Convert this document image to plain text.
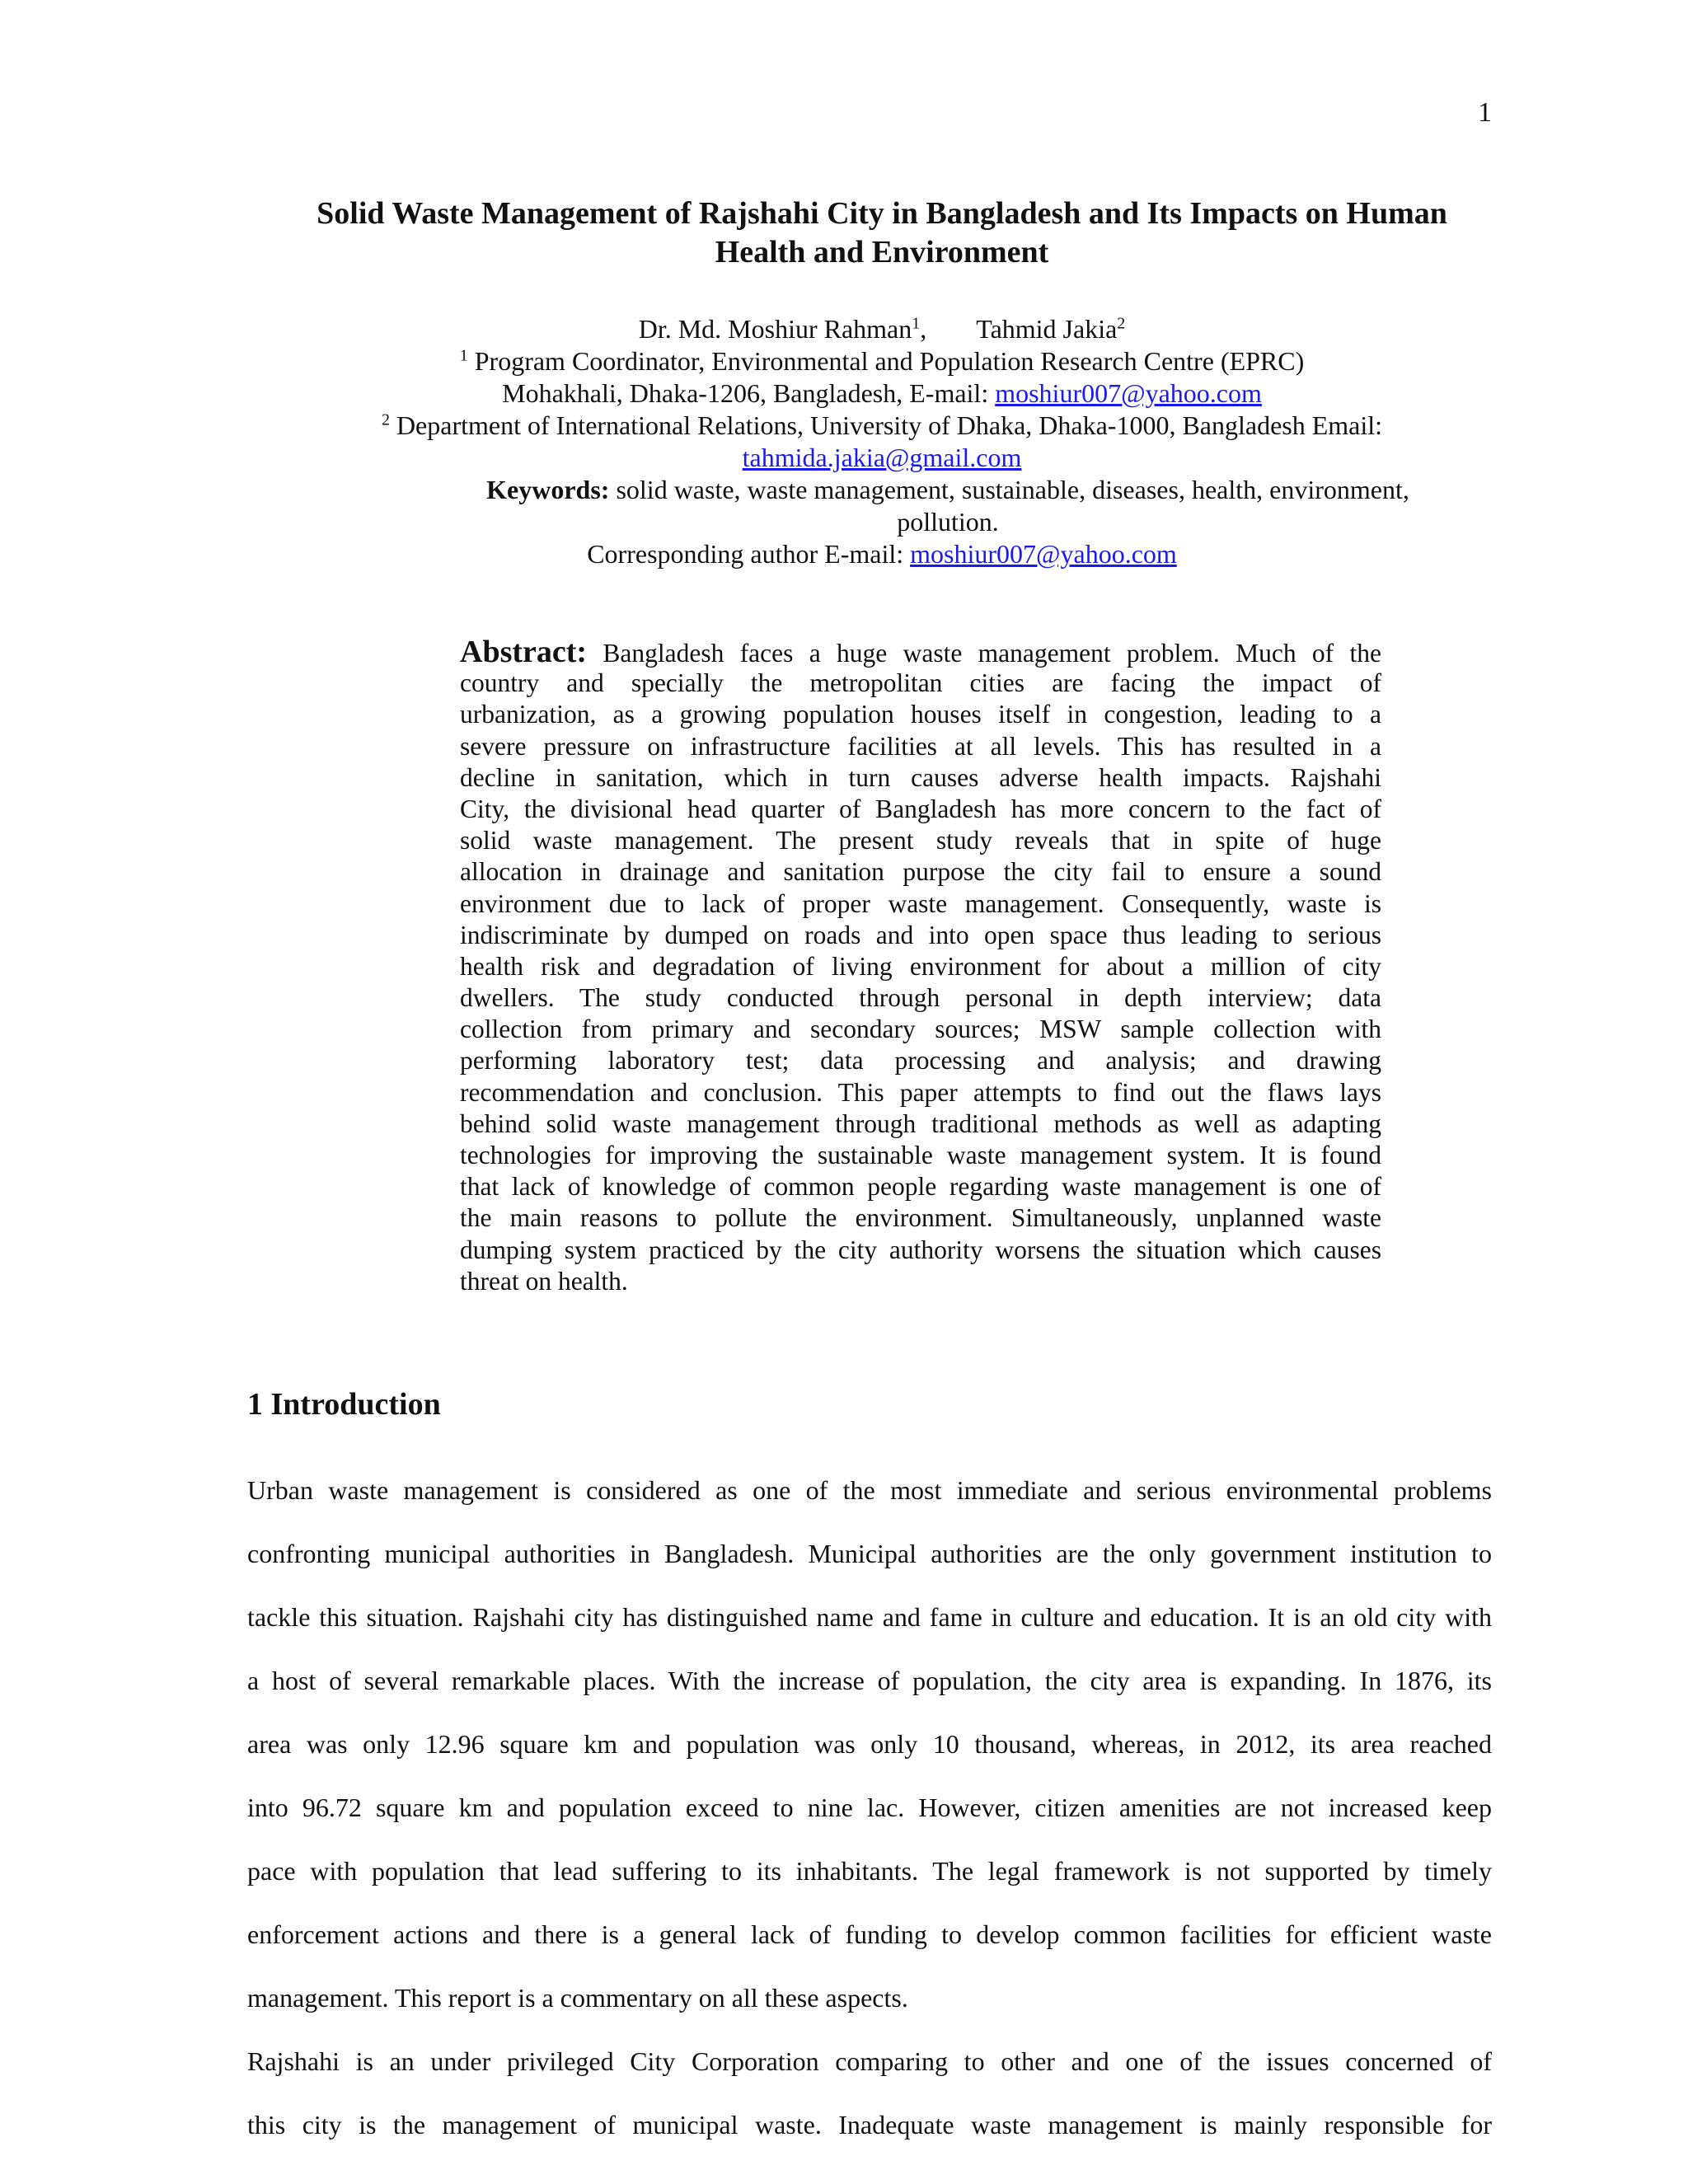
1
Solid Waste Management of Rajshahi City in Bangladesh and Its Impacts on Human
Health and Environment
Dr. Md. Moshiur Rahman$^1$, Tahmid Jakia$^2$
$^1$ Program Coordinator, Environmental and Population Research Centre (EPRC)
Mohakhali, Dhaka-1206, Bangladesh, E-mail: moshiur007@yahoo.com
$^2$ Department of International Relations, University of Dhaka, Dhaka-1000, Bangladesh Email:
tahmida.jakia@gmail.com
Keywords: solid waste, waste management, sustainable, diseases, health, environment,
pollution.
Corresponding author E-mail: moshiur007@yahoo.com
Abstract: Bangladesh faces a huge waste management problem. Much of the
country and specially the metropolitan cities are facing the impact of
urbanization, as a growing population houses itself in congestion, leading to a
severe pressure on infrastructure facilities at all levels. This has resulted in a
decline in sanitation, which in turn causes adverse health impacts. Rajshahi
City, the divisional head quarter of Bangladesh has more concern to the fact of
solid waste management. The present study reveals that in spite of huge
allocation in drainage and sanitation purpose the city fail to ensure a sound
environment due to lack of proper waste management. Consequently, waste is
indiscriminate by dumped on roads and into open space thus leading to serious
health risk and degradation of living environment for about a million of city
dwellers. The study conducted through personal in depth interview; data
collection from primary and secondary sources; MSW sample collection with
performing laboratory test; data processing and analysis; and drawing
recommendation and conclusion. This paper attempts to find out the flaws lays
behind solid waste management through traditional methods as well as adapting
technologies for improving the sustainable waste management system. It is found
that lack of knowledge of common people regarding waste management is one of
the main reasons to pollute the environment. Simultaneously, unplanned waste
dumping system practiced by the city authority worsens the situation which causes
threat on health.
1 Introduction
Urban waste management is considered as one of the most immediate and serious environmental problems
confronting municipal authorities in Bangladesh. Municipal authorities are the only government institution to
tackle this situation. Rajshahi city has distinguished name and fame in culture and education. It is an old city with
a host of several remarkable places. With the increase of population, the city area is expanding. In 1876, its
area was only 12.96 square km and population was only 10 thousand, whereas, in 2012, its area reached
into 96.72 square km and population exceed to nine lac. However, citizen amenities are not increased keep
pace with population that lead suffering to its inhabitants. The legal framework is not supported by timely
enforcement actions and there is a general lack of funding to develop common facilities for efficient waste
management. This report is a commentary on all these aspects.
Rajshahi is an under privileged City Corporation comparing to other and one of the issues concerned of
this city is the management of municipal waste. Inadequate waste management is mainly responsible for
